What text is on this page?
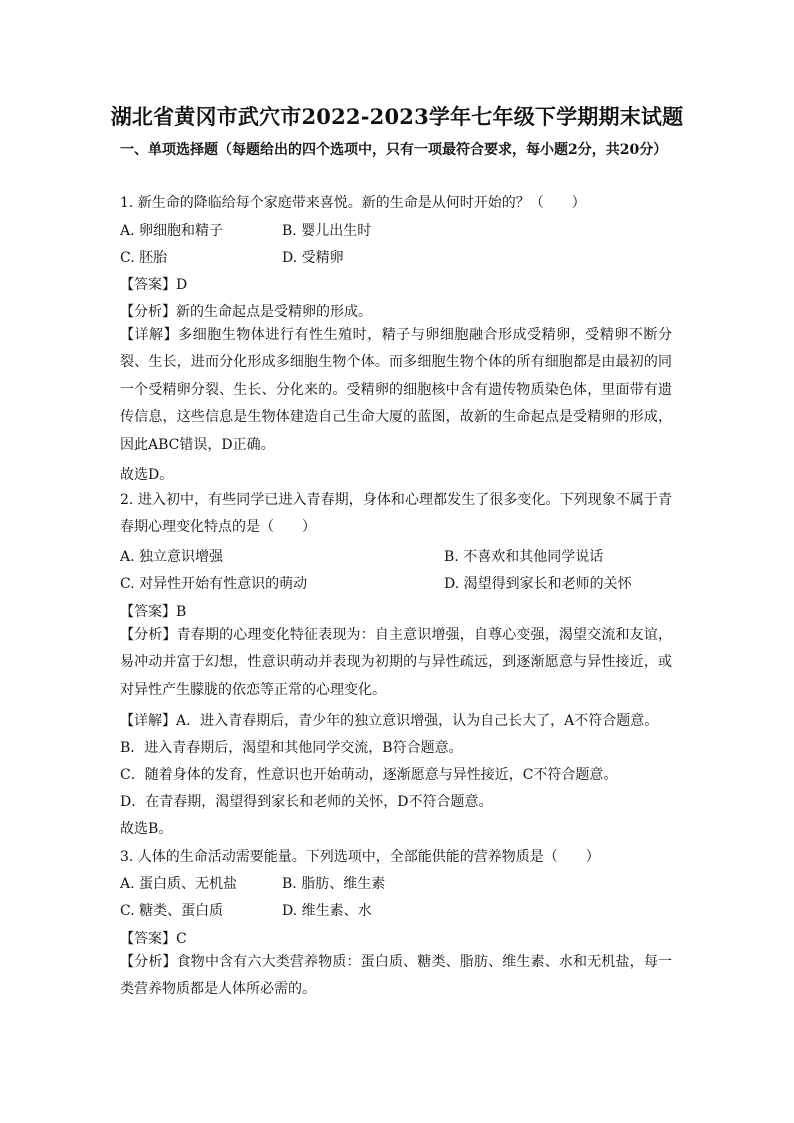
湖北省黄冈市武穴市2022-2023学年七年级下学期期末试题
一、单项选择题（每题给出的四个选项中，只有一项最符合要求，每小题2分，共20分）
1. 新生命的降临给每个家庭带来喜悦。新的生命是从何时开始的？（　　）
A. 卵细胞和精子	B. 婴儿出生时
C. 胚胎	D. 受精卵
【答案】D
【分析】新的生命起点是受精卵的形成。
【详解】多细胞生物体进行有性生殖时，精子与卵细胞融合形成受精卵，受精卵不断分裂、生长，进而分化形成多细胞生物个体。而多细胞生物个体的所有细胞都是由最初的同一个受精卵分裂、生长、分化来的。受精卵的细胞核中含有遗传物质染色体，里面带有遗传信息，这些信息是生物体建造自己生命大厦的蓝图，故新的生命起点是受精卵的形成，因此ABC错误，D正确。
故选D。
2. 进入初中，有些同学已进入青春期，身体和心理都发生了很多变化。下列现象不属于青春期心理变化特点的是（　　）
A. 独立意识增强	B. 不喜欢和其他同学说话
C. 对异性开始有性意识的萌动	D. 渴望得到家长和老师的关怀
【答案】B
【分析】青春期的心理变化特征表现为：自主意识增强，自尊心变强，渴望交流和友谊，易冲动并富于幻想，性意识萌动并表现为初期的与异性疏远，到逐渐愿意与异性接近，或对异性产生朦胧的依恋等正常的心理变化。
【详解】A．进入青春期后，青少年的独立意识增强，认为自己长大了，A不符合题意。
B．进入青春期后，渴望和其他同学交流，B符合题意。
C．随着身体的发育，性意识也开始萌动，逐渐愿意与异性接近，C不符合题意。
D．在青春期，渴望得到家长和老师的关怀，D不符合题意。
故选B。
3. 人体的生命活动需要能量。下列选项中，全部能供能的营养物质是（　　）
A. 蛋白质、无机盐	B. 脂肪、维生素
C. 糖类、蛋白质	D. 维生素、水
【答案】C
【分析】食物中含有六大类营养物质：蛋白质、糖类、脂肪、维生素、水和无机盐，每一类营养物质都是人体所必需的。
